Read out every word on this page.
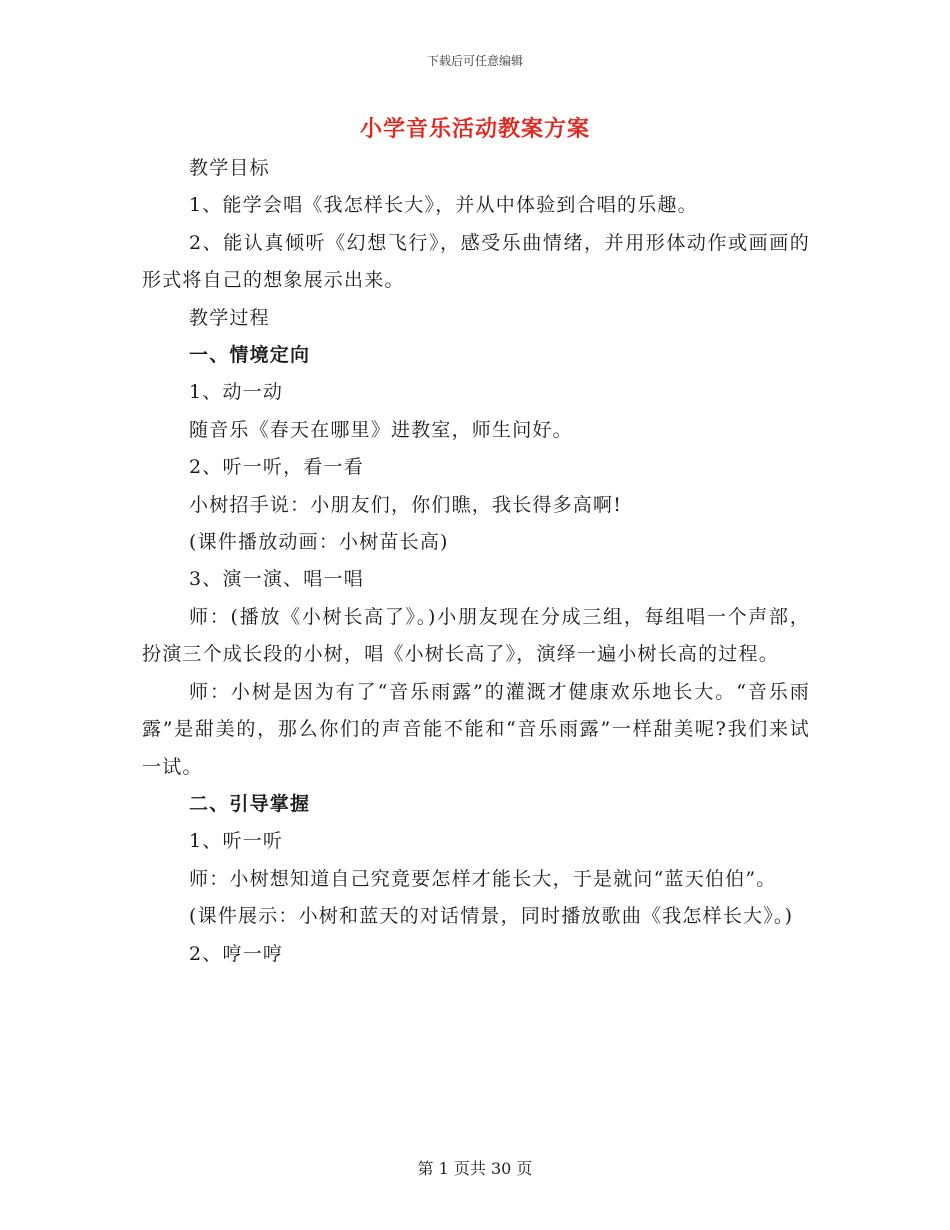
下载后可任意编辑
小学音乐活动教案方案

教学目标

1、能学会唱《我怎样长大》，并从中体验到合唱的乐趣。

2、能认真倾听《幻想飞行》，感受乐曲情绪，并用形体动作或画画的形式将自己的想象展示出来。

教学过程

一、情境定向

1、动一动

随音乐《春天在哪里》进教室，师生问好。

2、听一听，看一看

小树招手说：小朋友们，你们瞧，我长得多高啊!

(课件播放动画：小树苗长高)

3、演一演、唱一唱

师：(播放《小树长高了》。)小朋友现在分成三组，每组唱一个声部，扮演三个成长段的小树，唱《小树长高了》，演绎一遍小树长高的过程。

师：小树是因为有了“音乐雨露”的灌溉才健康欢乐地长大。“音乐雨露”是甜美的，那么你们的声音能不能和“音乐雨露”一样甜美呢?我们来试一试。

二、引导掌握

1、听一听

师：小树想知道自己究竟要怎样才能长大，于是就问“蓝天伯伯”。

(课件展示：小树和蓝天的对话情景，同时播放歌曲《我怎样长大》。)

2、哼一哼

第 1 页共 30 页
